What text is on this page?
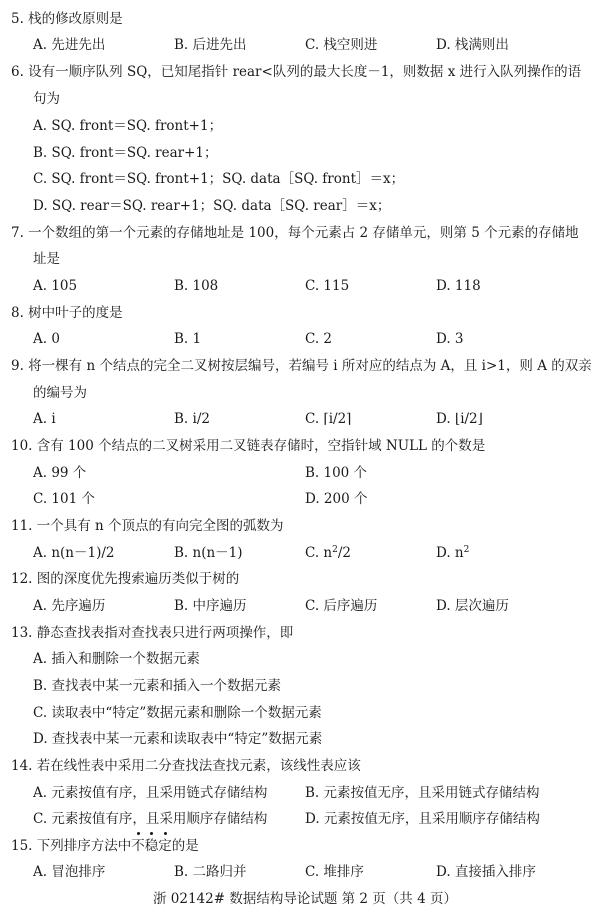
5. 栈的修改原则是
A. 先进先出	B. 后进先出	C. 栈空则进	D. 栈满则出
6. 设有一顺序队列 SQ，已知尾指针 rear<队列的最大长度－1，则数据 x 进行入队列操作的语
句为
A. SQ. front＝SQ. front+1；
B. SQ. front＝SQ. rear+1；
C. SQ. front＝SQ. front+1；SQ. data［SQ. front］＝x；
D. SQ. rear＝SQ. rear+1；SQ. data［SQ. rear］＝x；
7. 一个数组的第一个元素的存储地址是 100，每个元素占 2 存储单元，则第 5 个元素的存储地
址是
A. 105	B. 108	C. 115	D. 118
8. 树中叶子的度是
A. 0	B. 1	C. 2	D. 3
9. 将一棵有 n 个结点的完全二叉树按层编号，若编号 i 所对应的结点为 A，且 i>1，则 A 的双亲
的编号为
A. i	B. i/2	C. ⌈i/2⌉	D. ⌊i/2⌋
10. 含有 100 个结点的二叉树采用二叉链表存储时，空指针域 NULL 的个数是
A. 99 个	B. 100 个
C. 101 个	D. 200 个
11. 一个具有 n 个顶点的有向完全图的弧数为
A. n(n－1)/2	B. n(n－1)	C. $n^2/2$	D. $n^2$
12. 图的深度优先搜索遍历类似于树的
A. 先序遍历	B. 中序遍历	C. 后序遍历	D. 层次遍历
13. 静态查找表指对查找表只进行两项操作，即
A. 插入和删除一个数据元素
B. 查找表中某一元素和插入一个数据元素
C. 读取表中“特定”数据元素和删除一个数据元素
D. 查找表中某一元素和读取表中“特定”数据元素
14. 若在线性表中采用二分查找法查找元素，该线性表应该
A. 元素按值有序，且采用链式存储结构	B. 元素按值无序，且采用链式存储结构
C. 元素按值有序，且采用顺序存储结构	D. 元素按值无序，且采用顺序存储结构
15. 下列排序方法中不稳定的是
A. 冒泡排序	B. 二路归并	C. 堆排序	D. 直接插入排序
浙 02142# 数据结构导论试题 第 2 页（共 4 页）
